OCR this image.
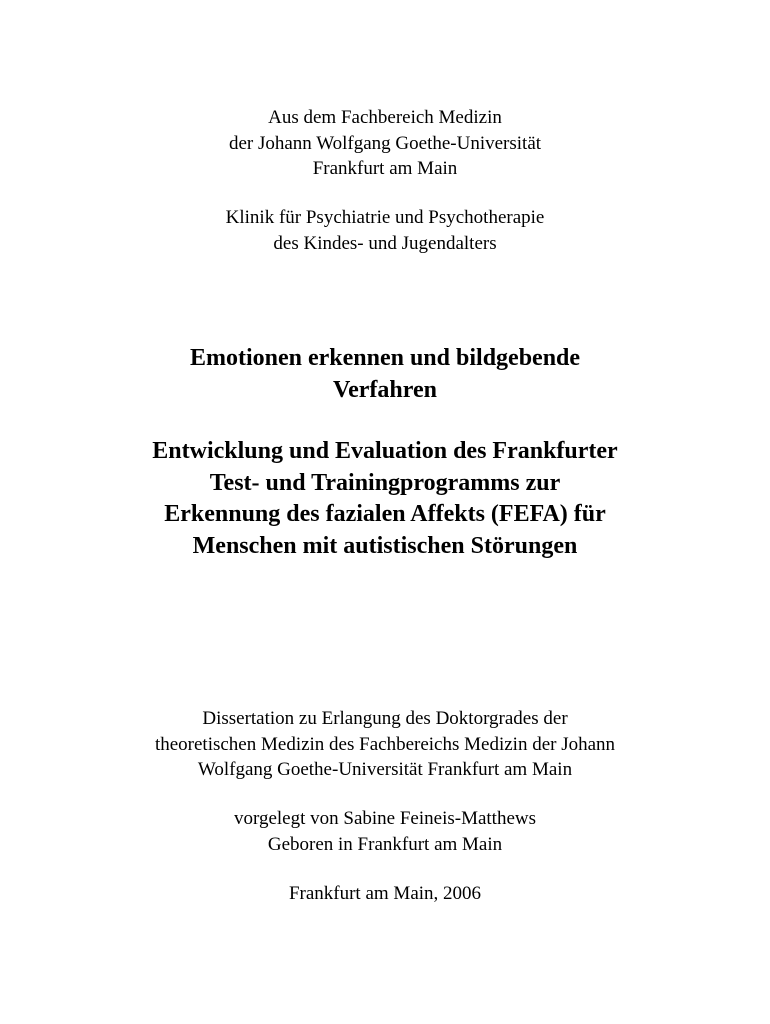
Aus dem Fachbereich Medizin
der Johann Wolfgang Goethe-Universität
Frankfurt am Main
Klinik für Psychiatrie und Psychotherapie
des Kindes- und Jugendalters
Emotionen erkennen und bildgebende
Verfahren
Entwicklung und Evaluation des Frankfurter
Test- und Trainingprogramms zur
Erkennung des fazialen Affekts (FEFA) für
Menschen mit autistischen Störungen
Dissertation zu Erlangung des Doktorgrades der
theoretischen Medizin des Fachbereichs Medizin der Johann
Wolfgang Goethe-Universität Frankfurt am Main
vorgelegt von Sabine Feineis-Matthews
Geboren in Frankfurt am Main
Frankfurt am Main, 2006
